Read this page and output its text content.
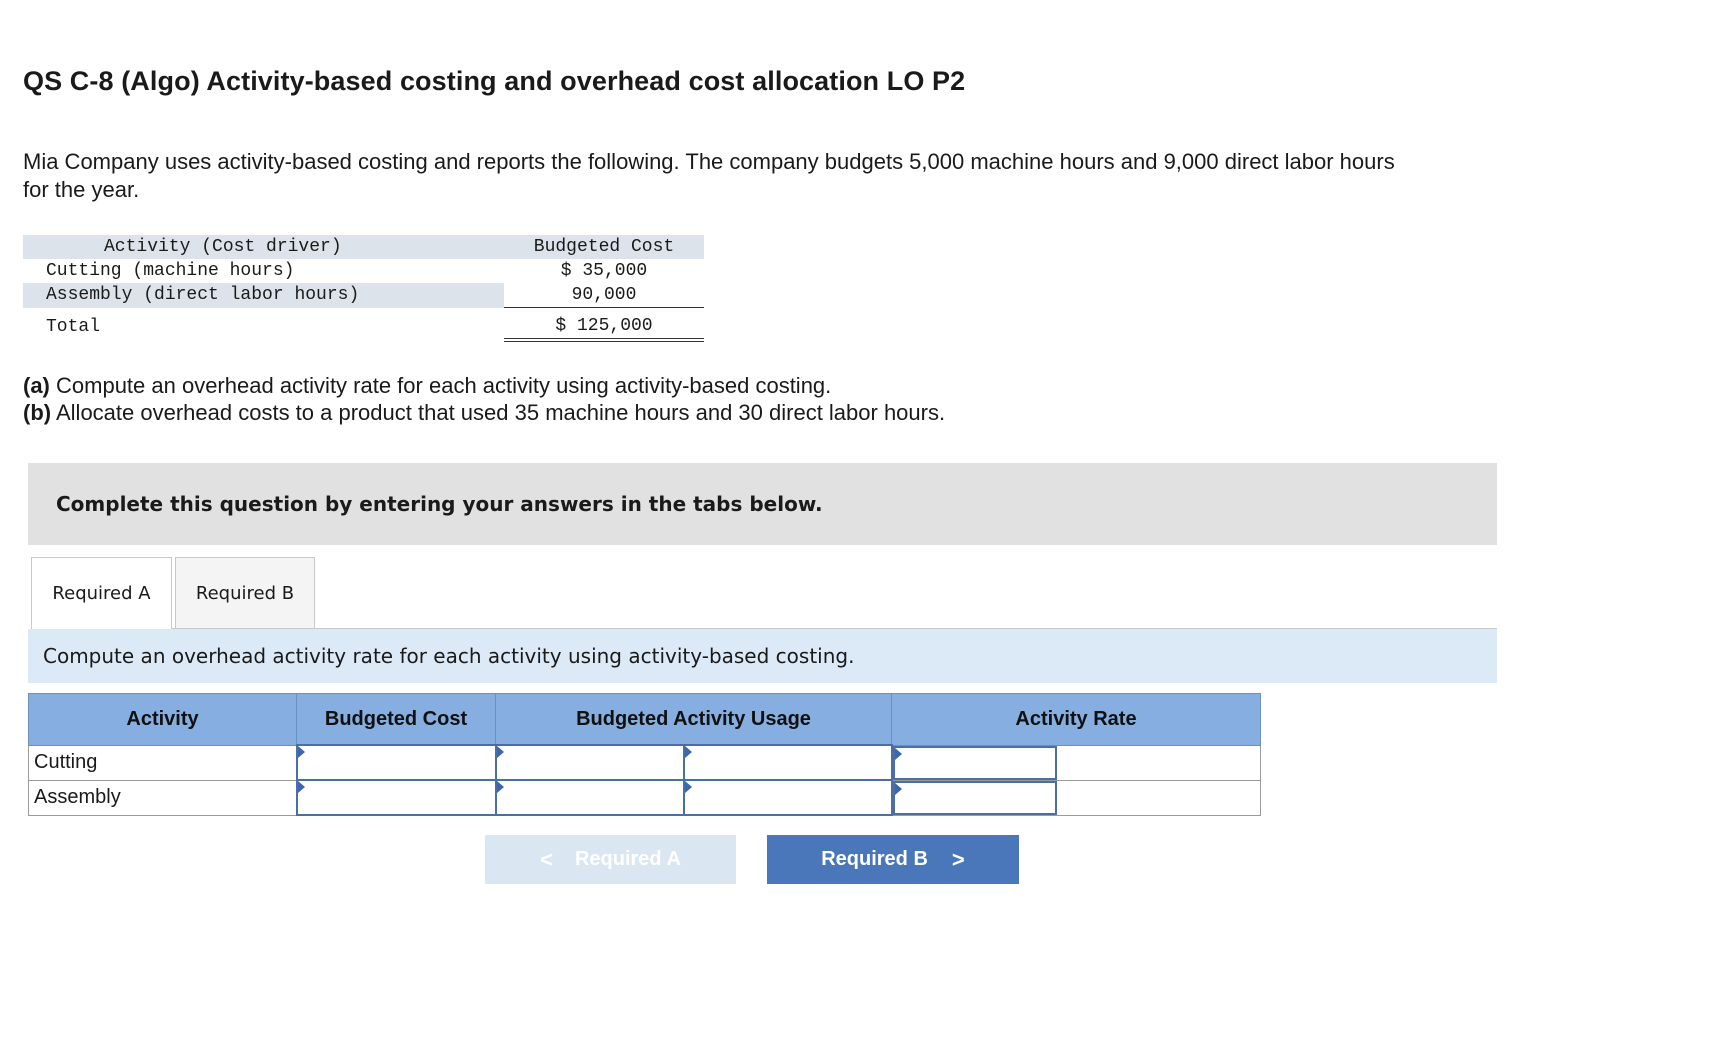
QS C-8 (Algo) Activity-based costing and overhead cost allocation LO P2

Mia Company uses activity-based costing and reports the following. The company budgets 5,000 machine hours and 9,000 direct labor hours for the year.

Activity (Cost driver)	Budgeted Cost
Cutting (machine hours)	$ 35,000
Assembly (direct labor hours)	90,000
Total	$ 125,000
(a) Compute an overhead activity rate for each activity using activity-based costing.
(b) Allocate overhead costs to a product that used 35 machine hours and 30 direct labor hours.
Complete this question by entering your answers in the tabs below.
Required A	Required B
Compute an overhead activity rate for each activity using activity-based costing.
Activity	Budgeted Cost	Budgeted Activity Usage		Activity Rate
Cutting				

Assembly				
< Required A	Required B >
